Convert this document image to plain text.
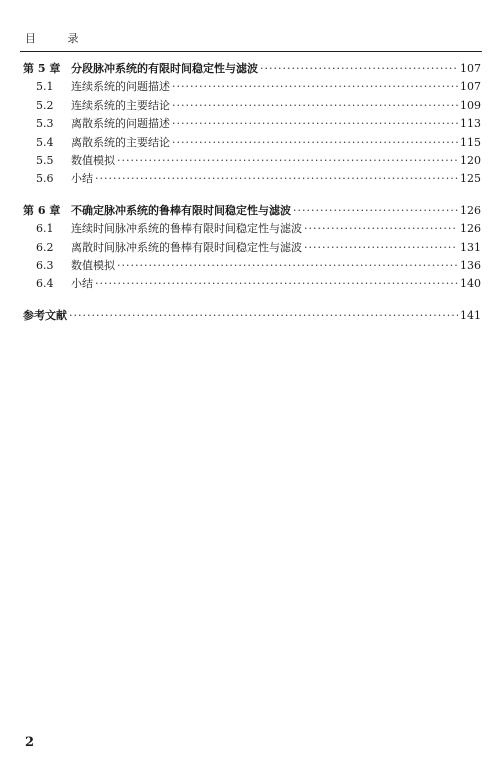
目 录
第 5 章 分段脉冲系统的有限时间稳定性与滤波 ·····	107
5.1	连续系统的问题描述 ·····	107
5.2	连续系统的主要结论 ·····	109
5.3	离散系统的问题描述 ·····	113
5.4	离散系统的主要结论 ·····	115
5.5	数值模拟 ·····	120
5.6	小结 ·····	125
第 6 章 不确定脉冲系统的鲁棒有限时间稳定性与滤波 ·····	126
6.1	连续时间脉冲系统的鲁棒有限时间稳定性与滤波 ·····	126
6.2	离散时间脉冲系统的鲁棒有限时间稳定性与滤波 ·····	131
6.3	数值模拟 ·····	136
6.4	小结 ·····	140
参考文献 ·····	141
2
